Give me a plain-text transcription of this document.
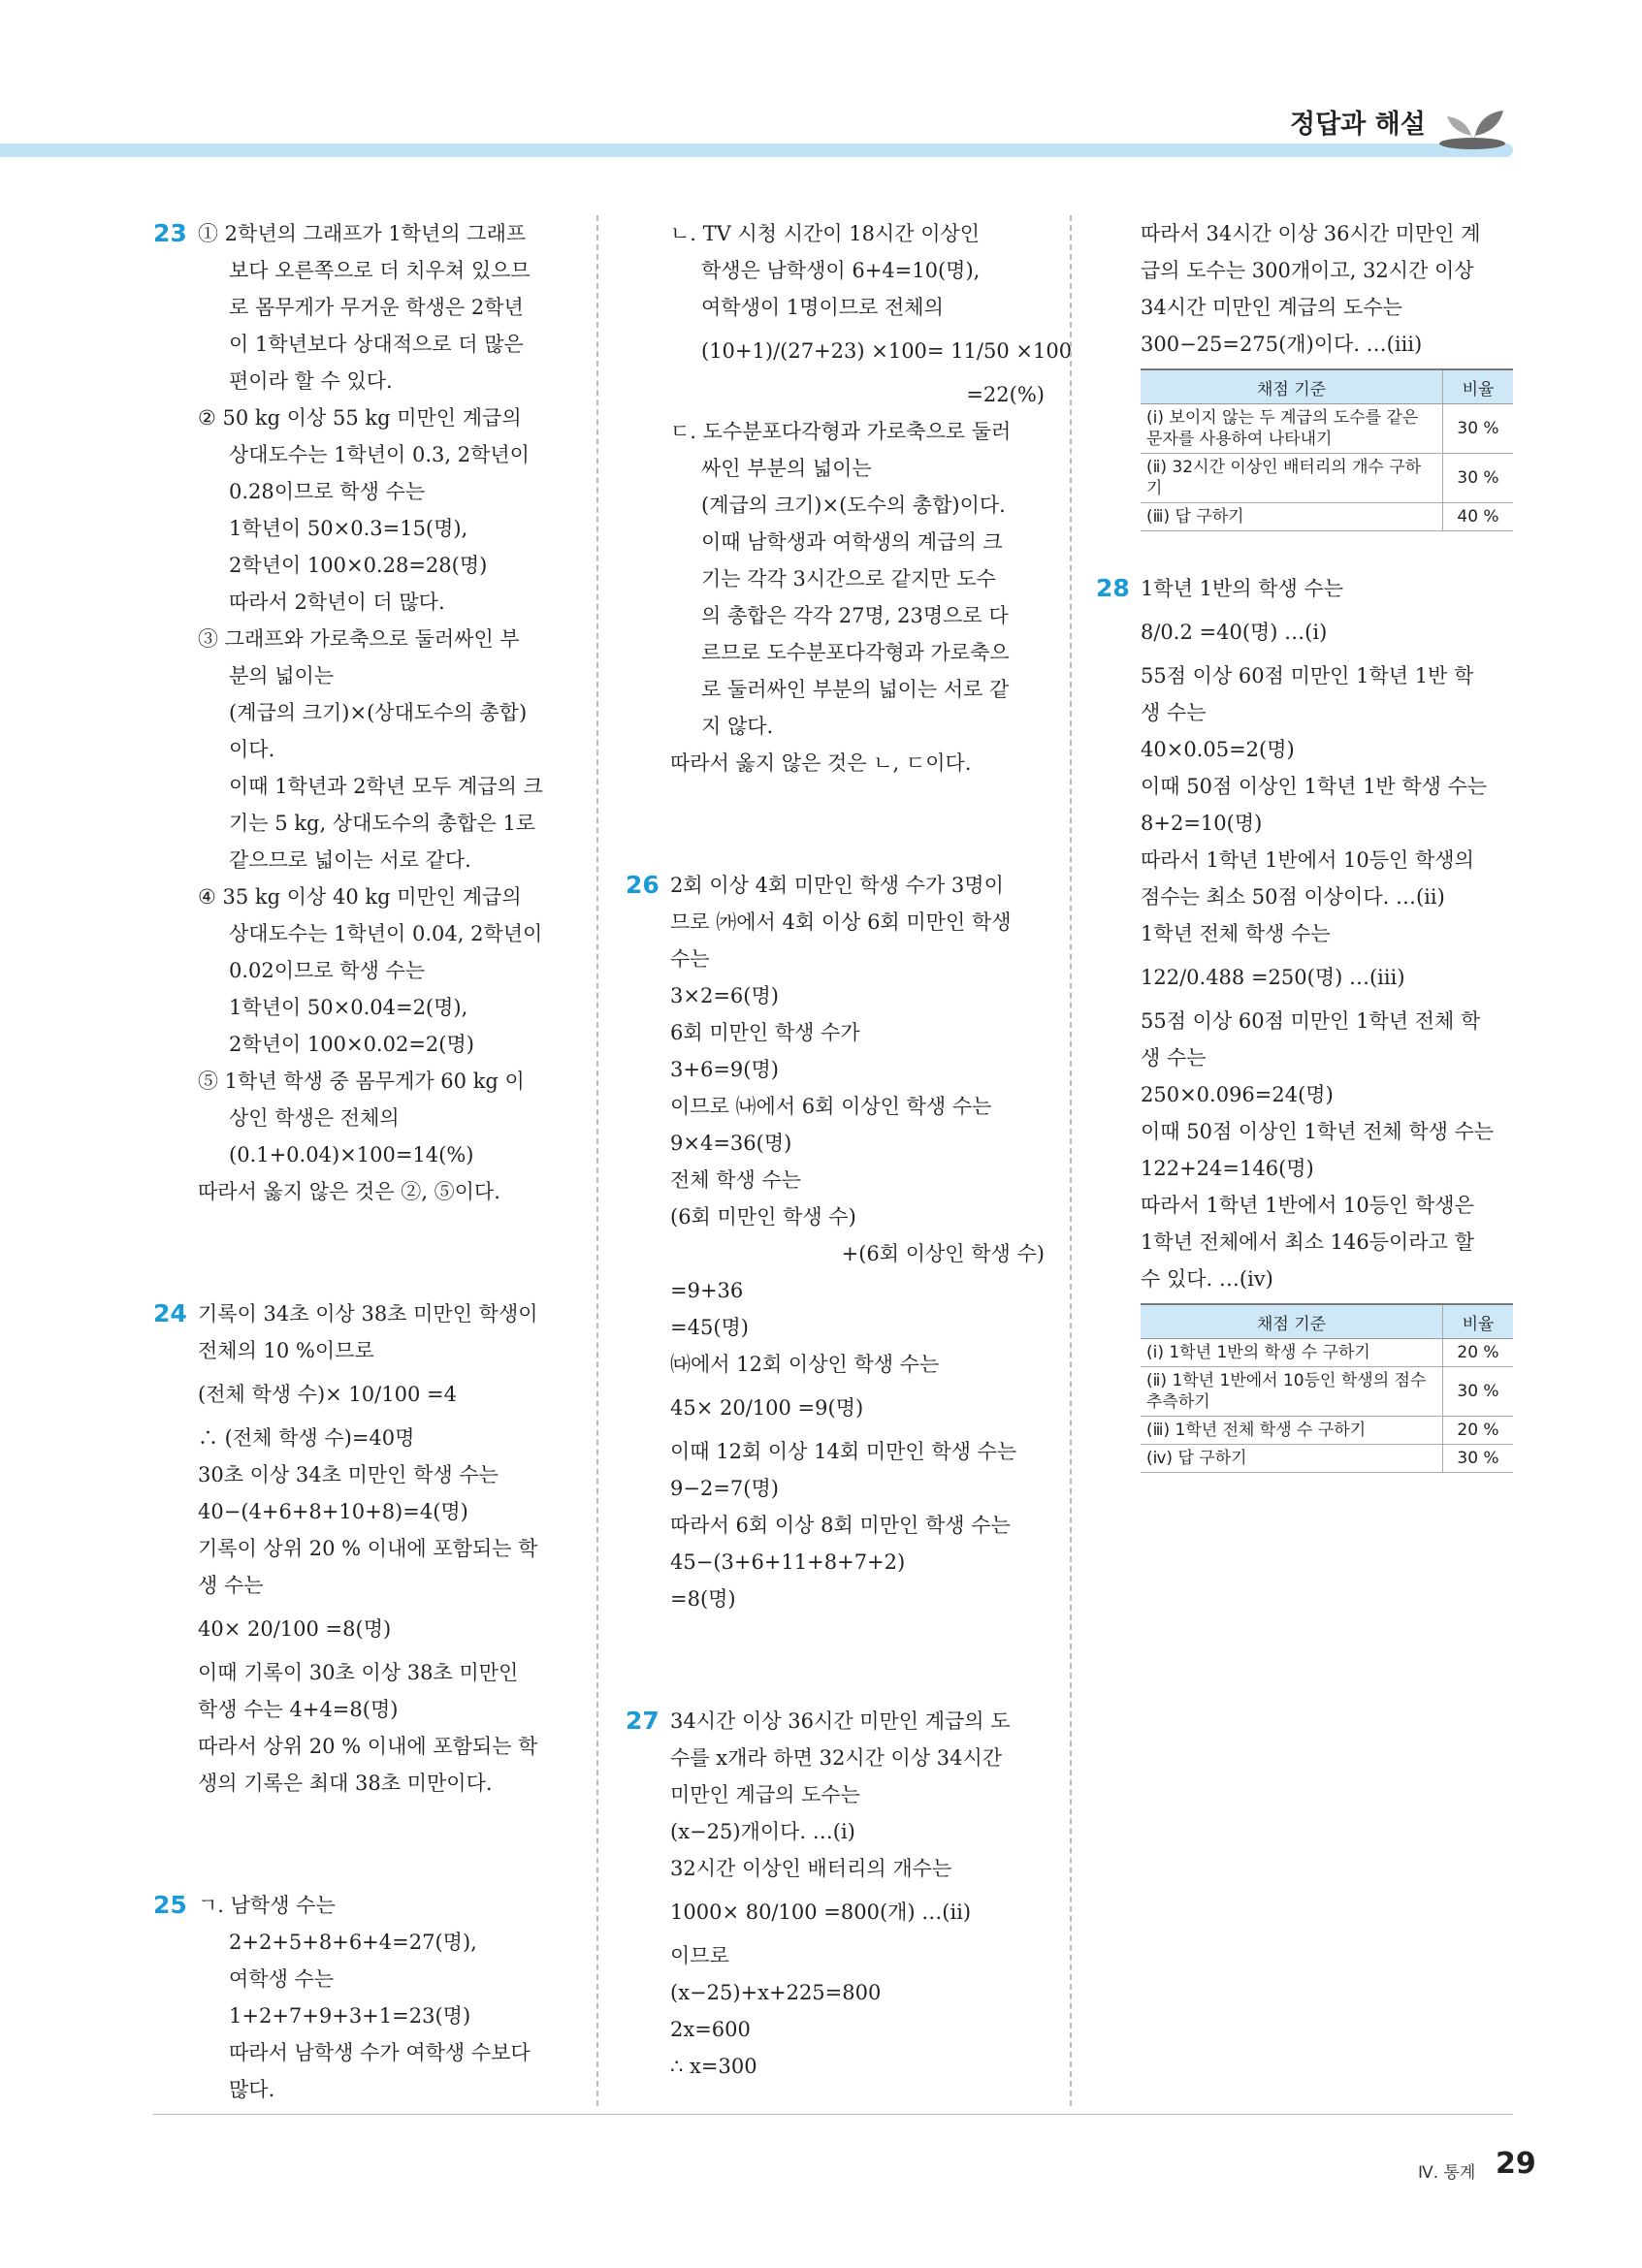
정답과 해설
23 ① 2학년의 그래프가 1학년의 그래프
보다 오른쪽으로 더 치우쳐 있으므
로 몸무게가 무거운 학생은 2학년
이 1학년보다 상대적으로 더 많은
편이라 할 수 있다.
② 50 kg 이상 55 kg 미만인 계급의
상대도수는 1학년이 0.3, 2학년이
0.28이므로 학생 수는
1학년이 50×0.3=15(명),
2학년이 100×0.28=28(명)
따라서 2학년이 더 많다.
③ 그래프와 가로축으로 둘러싸인 부
분의 넓이는
(계급의 크기)×(상대도수의 총합)
이다.
이때 1학년과 2학년 모두 계급의 크
기는 5 kg, 상대도수의 총합은 1로
같으므로 넓이는 서로 같다.
④ 35 kg 이상 40 kg 미만인 계급의
상대도수는 1학년이 0.04, 2학년이
0.02이므로 학생 수는
1학년이 50×0.04=2(명),
2학년이 100×0.02=2(명)
⑤ 1학년 학생 중 몸무게가 60 kg 이
상인 학생은 전체의
(0.1+0.04)×100=14(%)
따라서 옳지 않은 것은 ②, ⑤이다.
24 기록이 34초 이상 38초 미만인 학생이
전체의 10 %이므로
(전체 학생 수)× 10/100 =4
∴ (전체 학생 수)=40명
30초 이상 34초 미만인 학생 수는
40−(4+6+8+10+8)=4(명)
기록이 상위 20 % 이내에 포함되는 학
생 수는
40× 20/100 =8(명)
이때 기록이 30초 이상 38초 미만인
학생 수는 4+4=8(명)
따라서 상위 20 % 이내에 포함되는 학
생의 기록은 최대 38초 미만이다.
25 ㄱ. 남학생 수는
2+2+5+8+6+4=27(명),
여학생 수는
1+2+7+9+3+1=23(명)
따라서 남학생 수가 여학생 수보다
많다.
ㄴ. TV 시청 시간이 18시간 이상인
학생은 남학생이 6+4=10(명),
여학생이 1명이므로 전체의
(10+1)/(27+23) ×100= 11/50 ×100
=22(%)
ㄷ. 도수분포다각형과 가로축으로 둘러
싸인 부분의 넓이는
(계급의 크기)×(도수의 총합)이다.
이때 남학생과 여학생의 계급의 크
기는 각각 3시간으로 같지만 도수
의 총합은 각각 27명, 23명으로 다
르므로 도수분포다각형과 가로축으
로 둘러싸인 부분의 넓이는 서로 같
지 않다.
따라서 옳지 않은 것은 ㄴ, ㄷ이다.
26 2회 이상 4회 미만인 학생 수가 3명이
므로 ㈎에서 4회 이상 6회 미만인 학생
수는
3×2=6(명)
6회 미만인 학생 수가
3+6=9(명)
이므로 ㈏에서 6회 이상인 학생 수는
9×4=36(명)
전체 학생 수는
(6회 미만인 학생 수)
+(6회 이상인 학생 수)
=9+36
=45(명)
㈐에서 12회 이상인 학생 수는
45× 20/100 =9(명)
이때 12회 이상 14회 미만인 학생 수는
9−2=7(명)
따라서 6회 이상 8회 미만인 학생 수는
45−(3+6+11+8+7+2)
=8(명)
27 34시간 이상 36시간 미만인 계급의 도
수를 x개라 하면 32시간 이상 34시간
미만인 계급의 도수는
(x−25)개이다. …(ⅰ)
32시간 이상인 배터리의 개수는
1000× 80/100 =800(개) …(ⅱ)
이므로
(x−25)+x+225=800
2x=600
∴ x=300
따라서 34시간 이상 36시간 미만인 계
급의 도수는 300개이고, 32시간 이상
34시간 미만인 계급의 도수는
300−25=275(개)이다. …(ⅲ)
채점 기준	비율
(ⅰ) 보이지 않는 두 계급의 도수를 같은 문자를 사용하여 나타내기	30 %
(ⅱ) 32시간 이상인 배터리의 개수 구하기	30 %
(ⅲ) 답 구하기	40 %
28 1학년 1반의 학생 수는
8/0.2 =40(명) …(ⅰ)
55점 이상 60점 미만인 1학년 1반 학
생 수는
40×0.05=2(명)
이때 50점 이상인 1학년 1반 학생 수는
8+2=10(명)
따라서 1학년 1반에서 10등인 학생의
점수는 최소 50점 이상이다. …(ⅱ)
1학년 전체 학생 수는
122/0.488 =250(명) …(ⅲ)
55점 이상 60점 미만인 1학년 전체 학
생 수는
250×0.096=24(명)
이때 50점 이상인 1학년 전체 학생 수는
122+24=146(명)
따라서 1학년 1반에서 10등인 학생은
1학년 전체에서 최소 146등이라고 할
수 있다. …(ⅳ)
채점 기준	비율
(ⅰ) 1학년 1반의 학생 수 구하기	20 %
(ⅱ) 1학년 1반에서 10등인 학생의 점수 추측하기	30 %
(ⅲ) 1학년 전체 학생 수 구하기	20 %
(ⅳ) 답 구하기	30 %
Ⅳ. 통계 29
